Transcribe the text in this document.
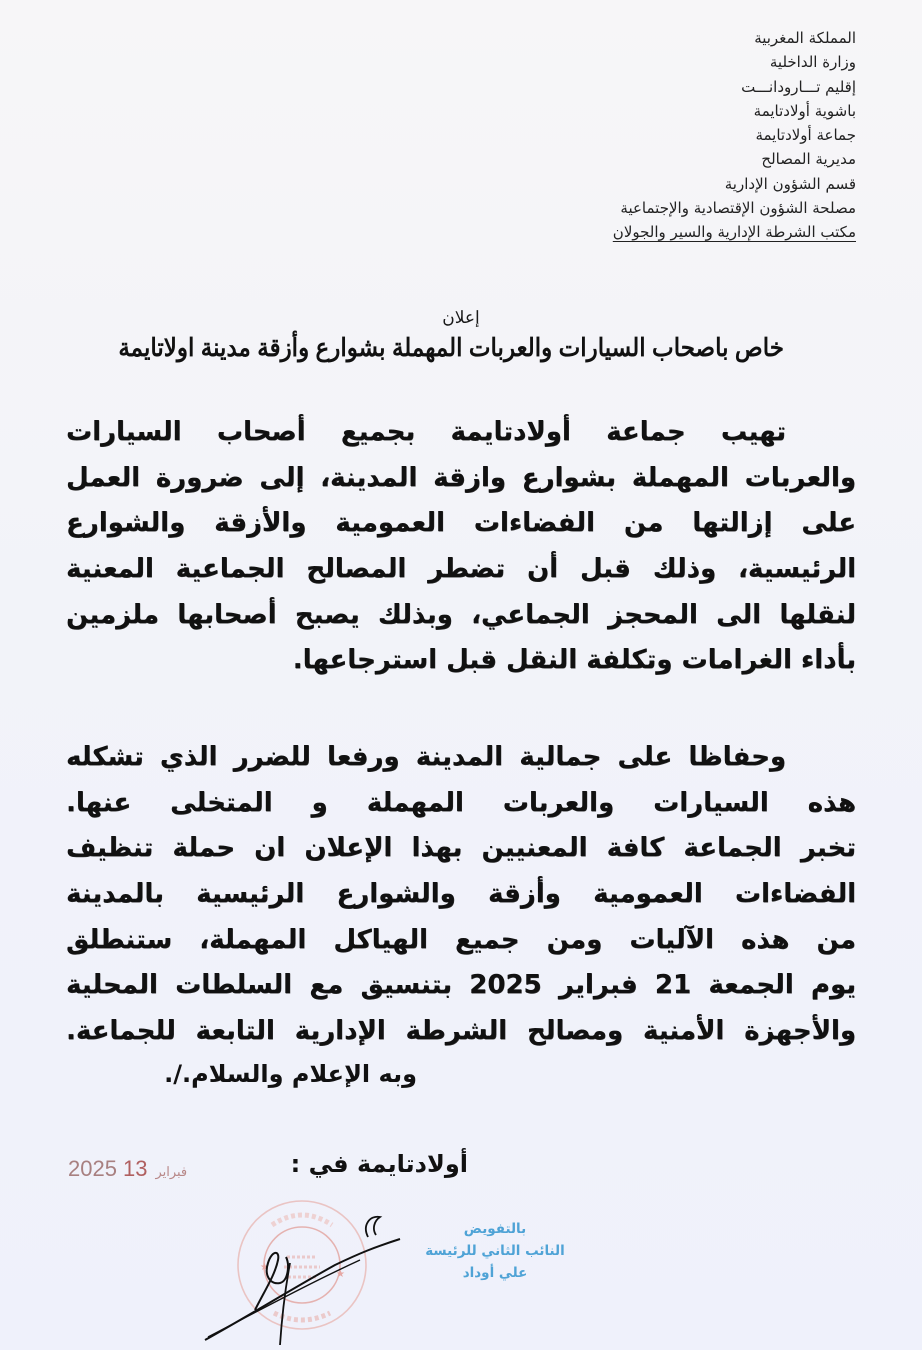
المملكة المغربية
وزارة الداخلية
إقليم تـــارودانـــت
باشوية أولادتايمة
جماعة أولادتايمة
مديرية المصالح
قسم الشؤون الإدارية
مصلحة الشؤون الإقتصادية والإجتماعية
مكتب الشرطة الإدارية والسير والجولان
إعلان
خاص باصحاب السيارات والعربات المهملة بشوارع وأزقة مدينة اولاتايمة
تهيب جماعة أولادتايمة بجميع أصحاب السيارات
والعربات المهملة بشوارع وازقة المدينة، إلى ضرورة العمل
على إزالتها من الفضاءات العمومية والأزقة والشوارع
الرئيسية، وذلك قبل أن تضطر المصالح الجماعية المعنية
لنقلها الى المحجز الجماعي، وبذلك يصبح أصحابها ملزمين
بأداء الغرامات وتكلفة النقل قبل استرجاعها.
وحفاظا على جمالية المدينة ورفعا للضرر الذي تشكله
هذه السيارات والعربات المهملة و المتخلى عنها.
تخبر الجماعة كافة المعنيين بهذا الإعلان ان حملة تنظيف
الفضاءات العمومية وأزقة والشوارع الرئيسية بالمدينة
من هذه الآليات ومن جميع الهياكل المهملة، ستنطلق
يوم الجمعة 21 فبراير 2025 بتنسيق مع السلطات المحلية
والأجهزة الأمنية ومصالح الشرطة الإدارية التابعة للجماعة.
وبه الإعلام والسلام./.
أولادتايمة في :
2025	فبراير13
★
★
بالتفويض
النائب الثاني للرئيسة
علي أوداد
